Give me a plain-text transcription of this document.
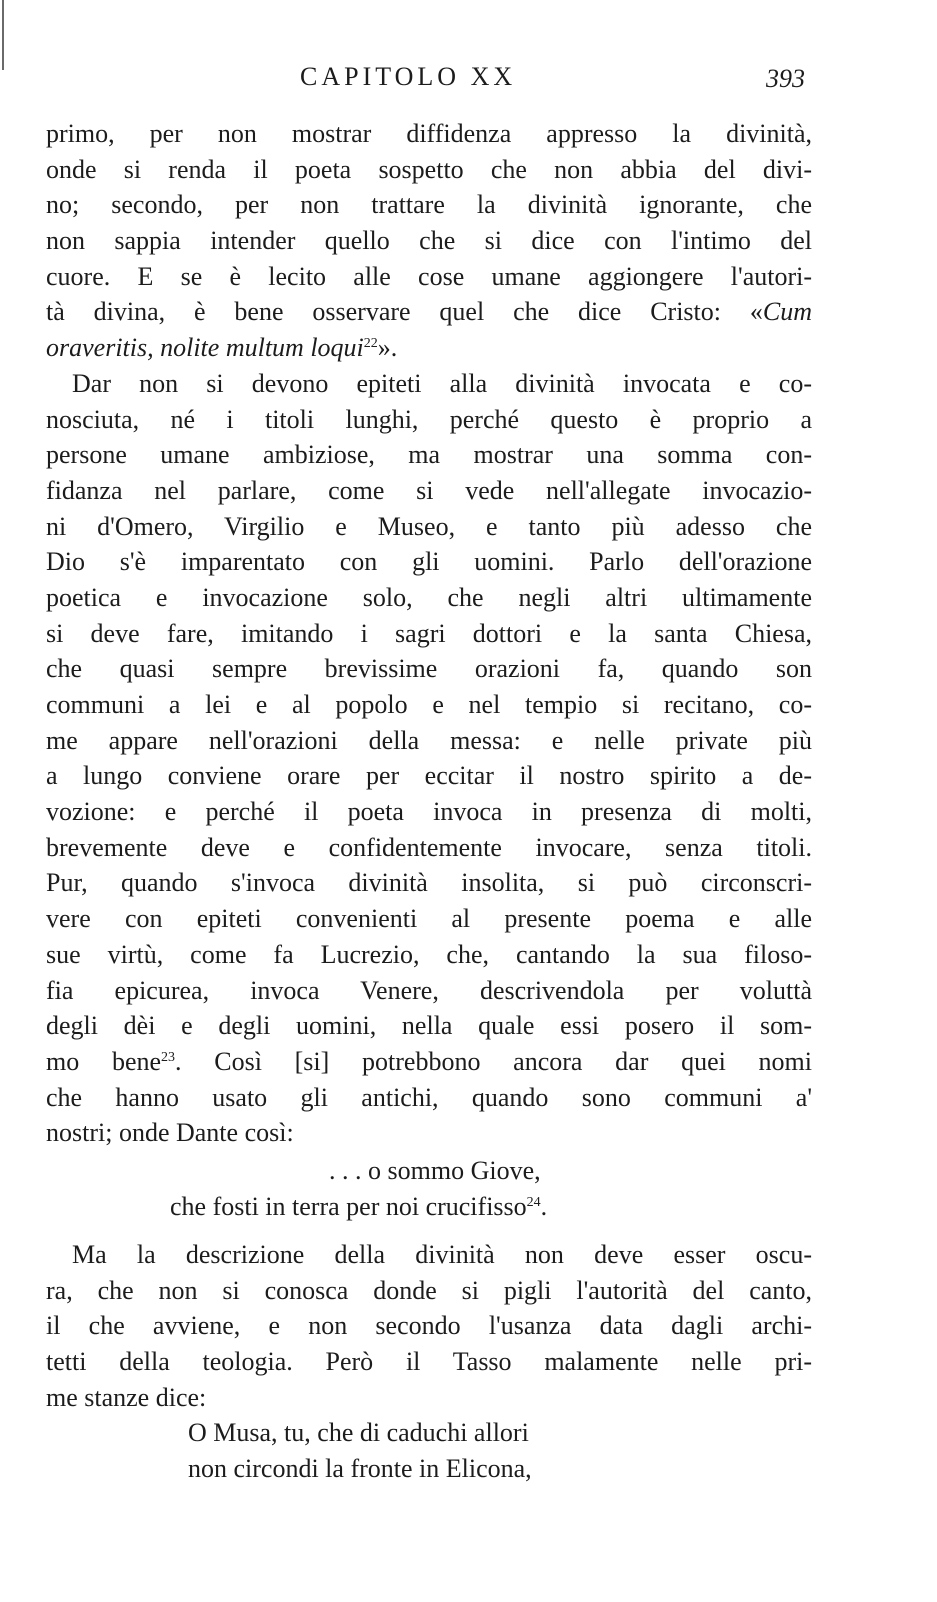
CAPITOLO XX	393
primo, per non mostrar diffidenza appresso la divinità,
onde si renda il poeta sospetto che non abbia del divi-
no; secondo, per non trattare la divinità ignorante, che
non sappia intender quello che si dice con l'intimo del
cuore. E se è lecito alle cose umane aggiongere l'autori-
tà divina, è bene osservare quel che dice Cristo: «Cum
oraveritis, nolite multum loqui$^{22}$».
Dar non si devono epiteti alla divinità invocata e co-
nosciuta, né i titoli lunghi, perché questo è proprio a
persone umane ambiziose, ma mostrar una somma con-
fidanza nel parlare, come si vede nell'allegate invocazio-
ni d'Omero, Virgilio e Museo, e tanto più adesso che
Dio s'è imparentato con gli uomini. Parlo dell'orazione
poetica e invocazione solo, che negli altri ultimamente
si deve fare, imitando i sagri dottori e la santa Chiesa,
che quasi sempre brevissime orazioni fa, quando son
communi a lei e al popolo e nel tempio si recitano, co-
me appare nell'orazioni della messa: e nelle private più
a lungo conviene orare per eccitar il nostro spirito a de-
vozione: e perché il poeta invoca in presenza di molti,
brevemente deve e confidentemente invocare, senza titoli.
Pur, quando s'invoca divinità insolita, si può circonscri-
vere con epiteti convenienti al presente poema e alle
sue virtù, come fa Lucrezio, che, cantando la sua filoso-
fia epicurea, invoca Venere, descrivendola per voluttà
degli dèi e degli uomini, nella quale essi posero il som-
mo bene$^{23}$. Così [si] potrebbono ancora dar quei nomi
che hanno usato gli antichi, quando sono communi a'
nostri; onde Dante così:
. . . o sommo Giove,
che fosti in terra per noi crucifisso$^{24}$.
Ma la descrizione della divinità non deve esser oscu-
ra, che non si conosca donde si pigli l'autorità del canto,
il che avviene, e non secondo l'usanza data dagli archi-
tetti della teologia. Però il Tasso malamente nelle pri-
me stanze dice:
O Musa, tu, che di caduchi allori
non circondi la fronte in Elicona,
